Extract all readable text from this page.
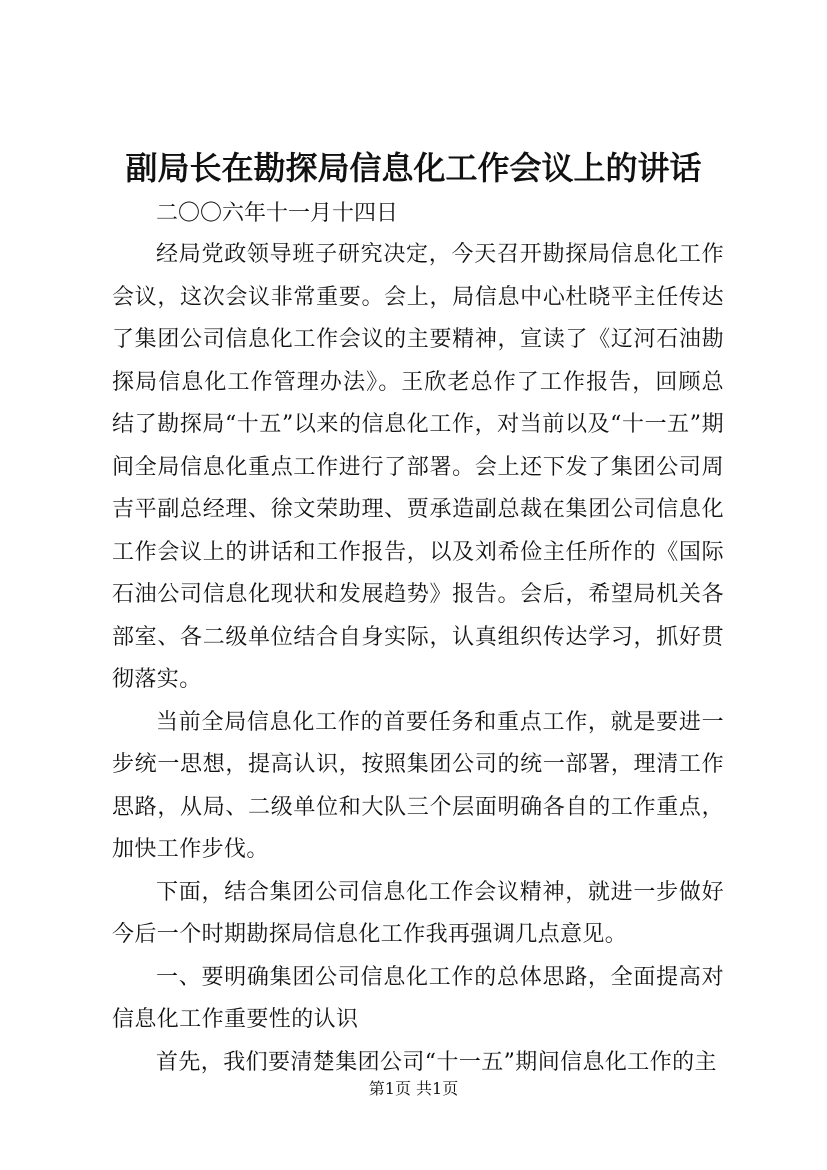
副局长在勘探局信息化工作会议上的讲话
二〇〇六年十一月十四日

经局党政领导班子研究决定，今天召开勘探局信息化工作会议，这次会议非常重要。会上，局信息中心杜晓平主任传达了集团公司信息化工作会议的主要精神，宣读了《辽河石油勘探局信息化工作管理办法》。王欣老总作了工作报告，回顾总结了勘探局“十五”以来的信息化工作，对当前以及“十一五”期间全局信息化重点工作进行了部署。会上还下发了集团公司周吉平副总经理、徐文荣助理、贾承造副总裁在集团公司信息化工作会议上的讲话和工作报告，以及刘希俭主任所作的《国际石油公司信息化现状和发展趋势》报告。会后，希望局机关各部室、各二级单位结合自身实际，认真组织传达学习，抓好贯彻落实。

当前全局信息化工作的首要任务和重点工作，就是要进一步统一思想，提高认识，按照集团公司的统一部署，理清工作思路，从局、二级单位和大队三个层面明确各自的工作重点，加快工作步伐。

下面，结合集团公司信息化工作会议精神，就进一步做好今后一个时期勘探局信息化工作我再强调几点意见。

一、要明确集团公司信息化工作的总体思路，全面提高对信息化工作重要性的认识

首先，我们要清楚集团公司“十一五”期间信息化工作的主

第1页 共1页
